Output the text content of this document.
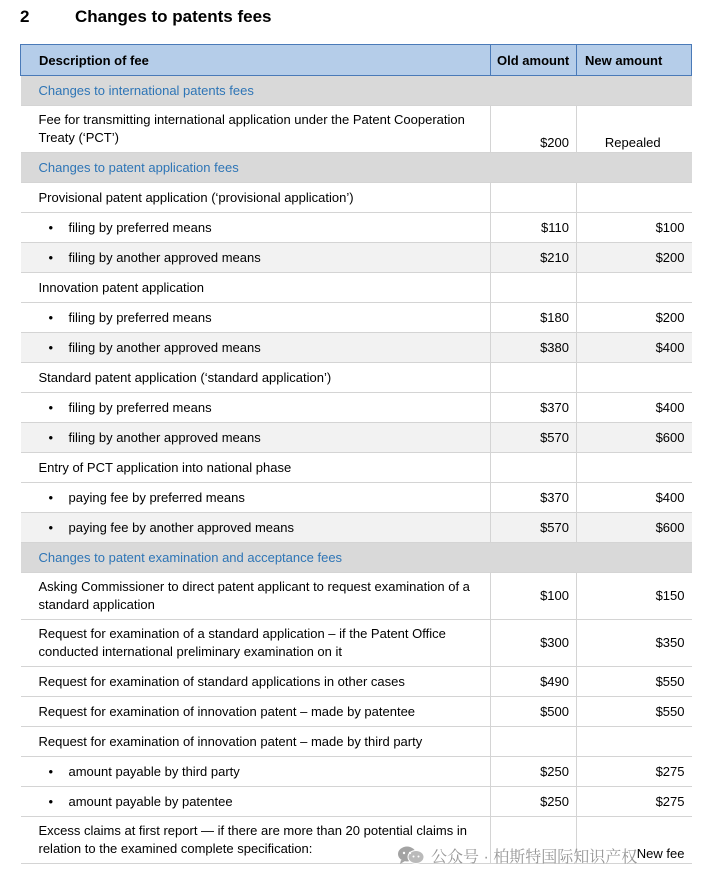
2	Changes to patents fees
Description of fee	Old amount	New amount
Changes to international patents fees		
Fee for transmitting international application under the Patent Cooperation Treaty (‘PCT’)	$200	Repealed
Changes to patent application fees		
Provisional patent application (‘provisional application’)		
• filing by preferred means	$110	$100
• filing by another approved means	$210	$200
Innovation patent application		
• filing by preferred means	$180	$200
• filing by another approved means	$380	$400
Standard patent application (‘standard application’)		
• filing by preferred means	$370	$400
• filing by another approved means	$570	$600
Entry of PCT application into national phase		
• paying fee by preferred means	$370	$400
• paying fee by another approved means	$570	$600
Changes to patent examination and acceptance fees		
Asking Commissioner to direct patent applicant to request examination of a standard application	$100	$150
Request for examination of a standard application – if the Patent Office conducted international preliminary examination on it	$300	$350
Request for examination of standard applications in other cases	$490	$550
Request for examination of innovation patent – made by patentee	$500	$550
Request for examination of innovation patent – made by third party		
• amount payable by third party	$250	$275
• amount payable by patentee	$250	$275
Excess claims at first report — if there are more than 20 potential claims in relation to the examined complete specification:		New fee
公众号 · 柏斯特国际知识产权
